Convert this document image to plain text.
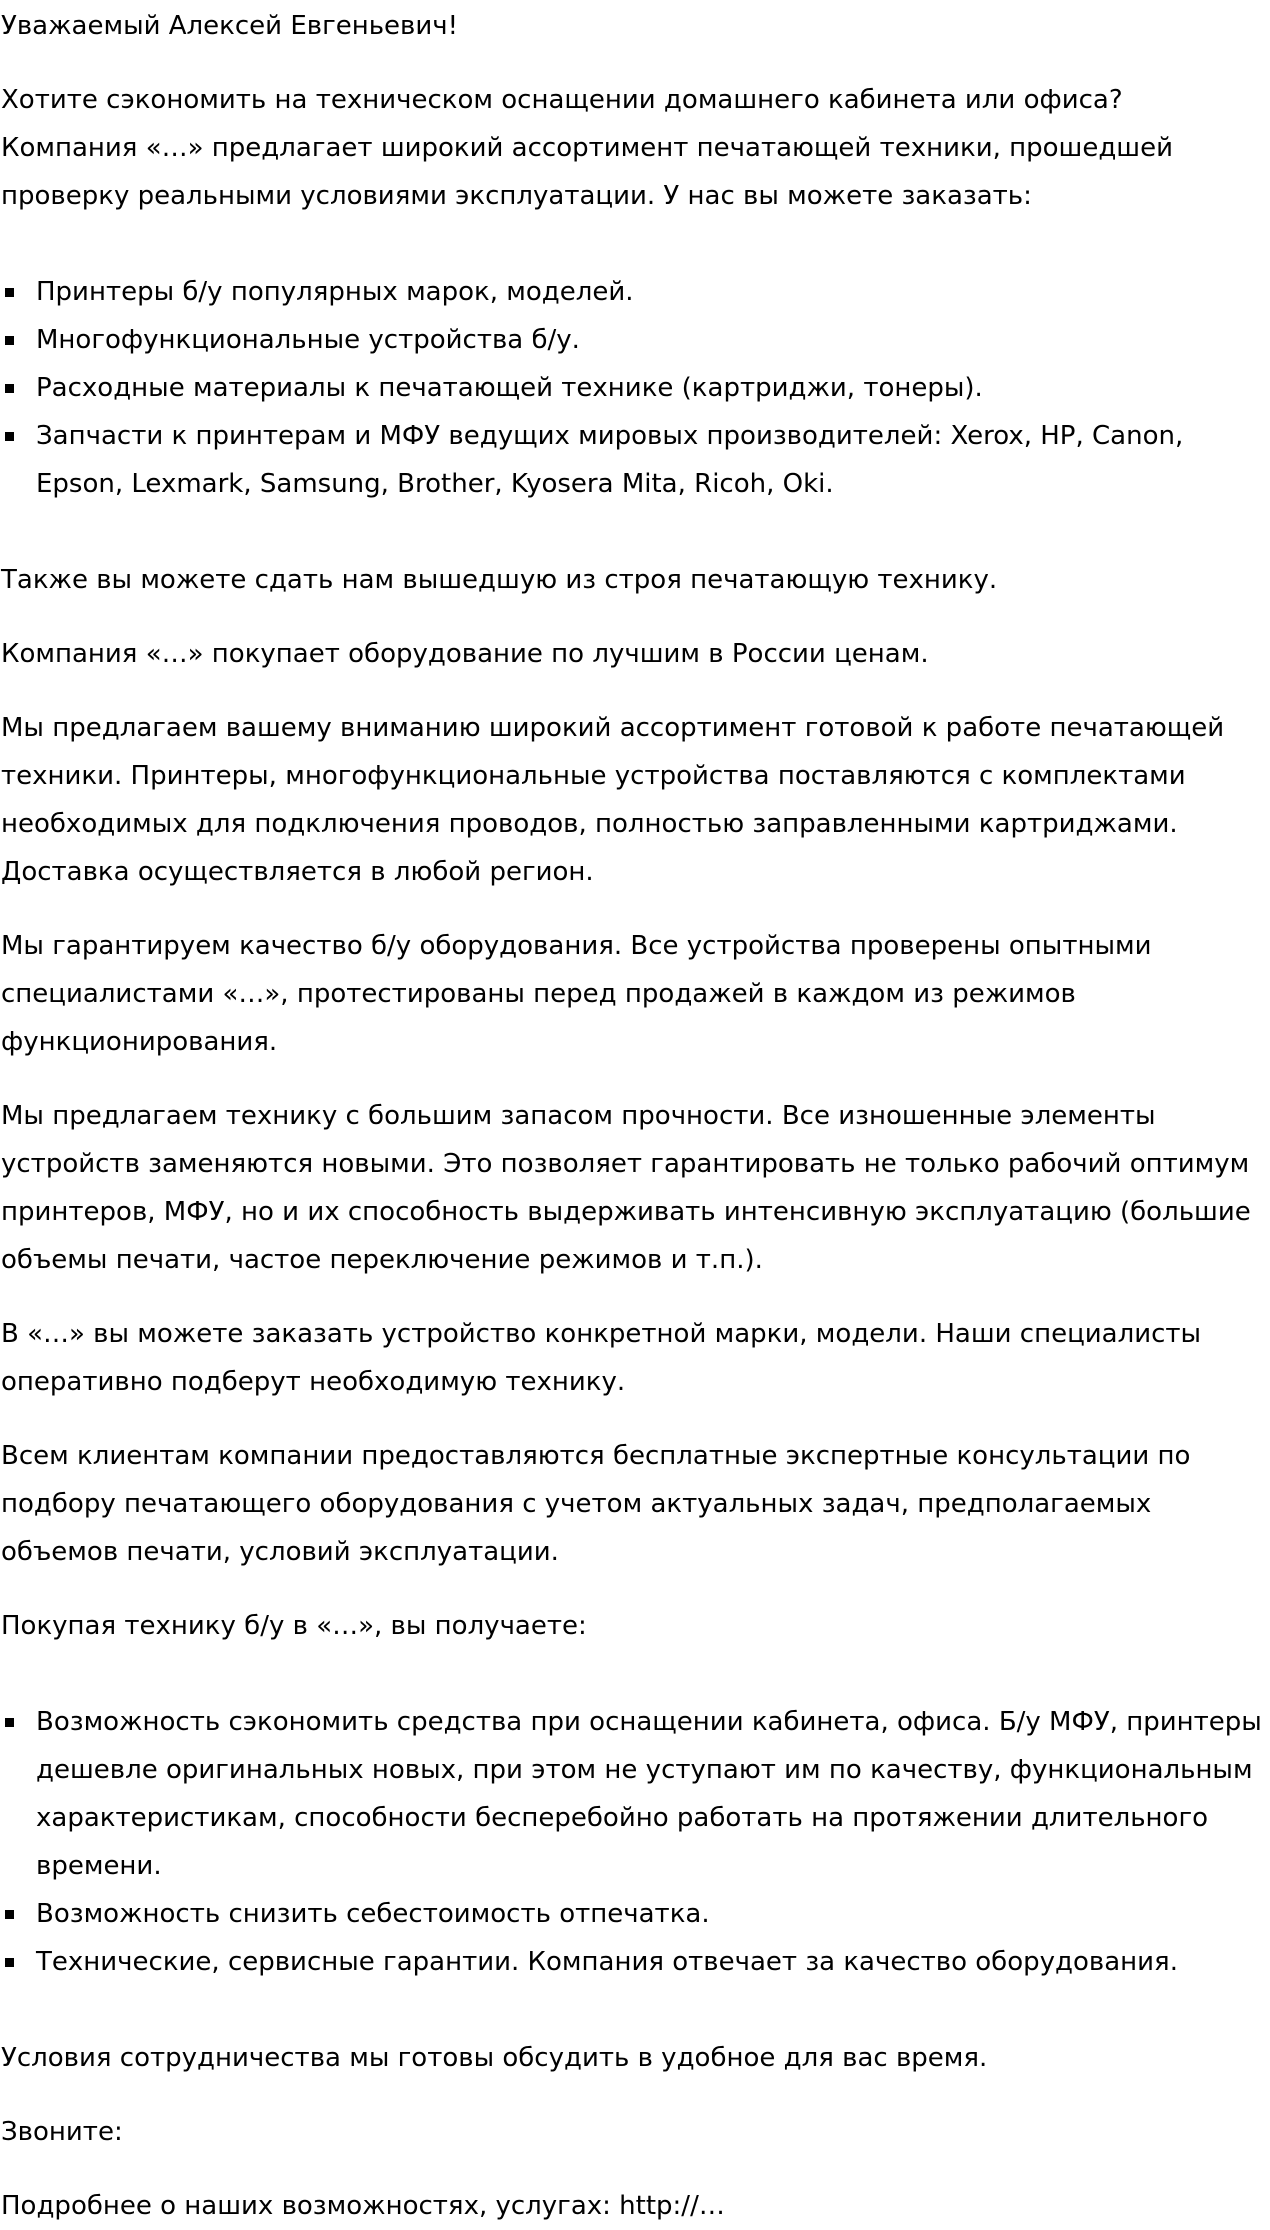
Уважаемый Алексей Евгеньевич!

Хотите сэкономить на техническом оснащении домашнего кабинета или офиса? Компания «…» предлагает широкий ассортимент печатающей техники, прошедшей проверку реальными условиями эксплуатации. У нас вы можете заказать:

Принтеры б/у популярных марок, моделей.
Многофункциональные устройства б/у.
Расходные материалы к печатающей технике (картриджи, тонеры).
Запчасти к принтерам и МФУ ведущих мировых производителей: Xerox, HP, Canon, Epson, Lexmark, Samsung, Brother, Kyosera Mita, Ricoh, Oki.

Также вы можете сдать нам вышедшую из строя печатающую технику.

Компания «…» покупает оборудование по лучшим в России ценам.

Мы предлагаем вашему вниманию широкий ассортимент готовой к работе печатающей техники. Принтеры, многофункциональные устройства поставляются с комплектами необходимых для подключения проводов, полностью заправленными картриджами. Доставка осуществляется в любой регион.

Мы гарантируем качество б/у оборудования. Все устройства проверены опытными специалистами «…», протестированы перед продажей в каждом из режимов функционирования.

Мы предлагаем технику с большим запасом прочности. Все изношенные элементы устройств заменяются новыми. Это позволяет гарантировать не только рабочий оптимум принтеров, МФУ, но и их способность выдерживать интенсивную эксплуатацию (большие объемы печати, частое переключение режимов и т.п.).

В «…» вы можете заказать устройство конкретной марки, модели. Наши специалисты оперативно подберут необходимую технику.

Всем клиентам компании предоставляются бесплатные экспертные консультации по подбору печатающего оборудования с учетом актуальных задач, предполагаемых объемов печати, условий эксплуатации.

Покупая технику б/у в «…», вы получаете:

Возможность сэкономить средства при оснащении кабинета, офиса. Б/у МФУ, принтеры дешевле оригинальных новых, при этом не уступают им по качеству, функциональным характеристикам, способности бесперебойно работать на протяжении длительного времени.
Возможность снизить себестоимость отпечатка.
Технические, сервисные гарантии. Компания отвечает за качество оборудования.

Условия сотрудничества мы готовы обсудить в удобное для вас время.

Звоните:

Подробнее о наших возможностях, услугах: http://…
